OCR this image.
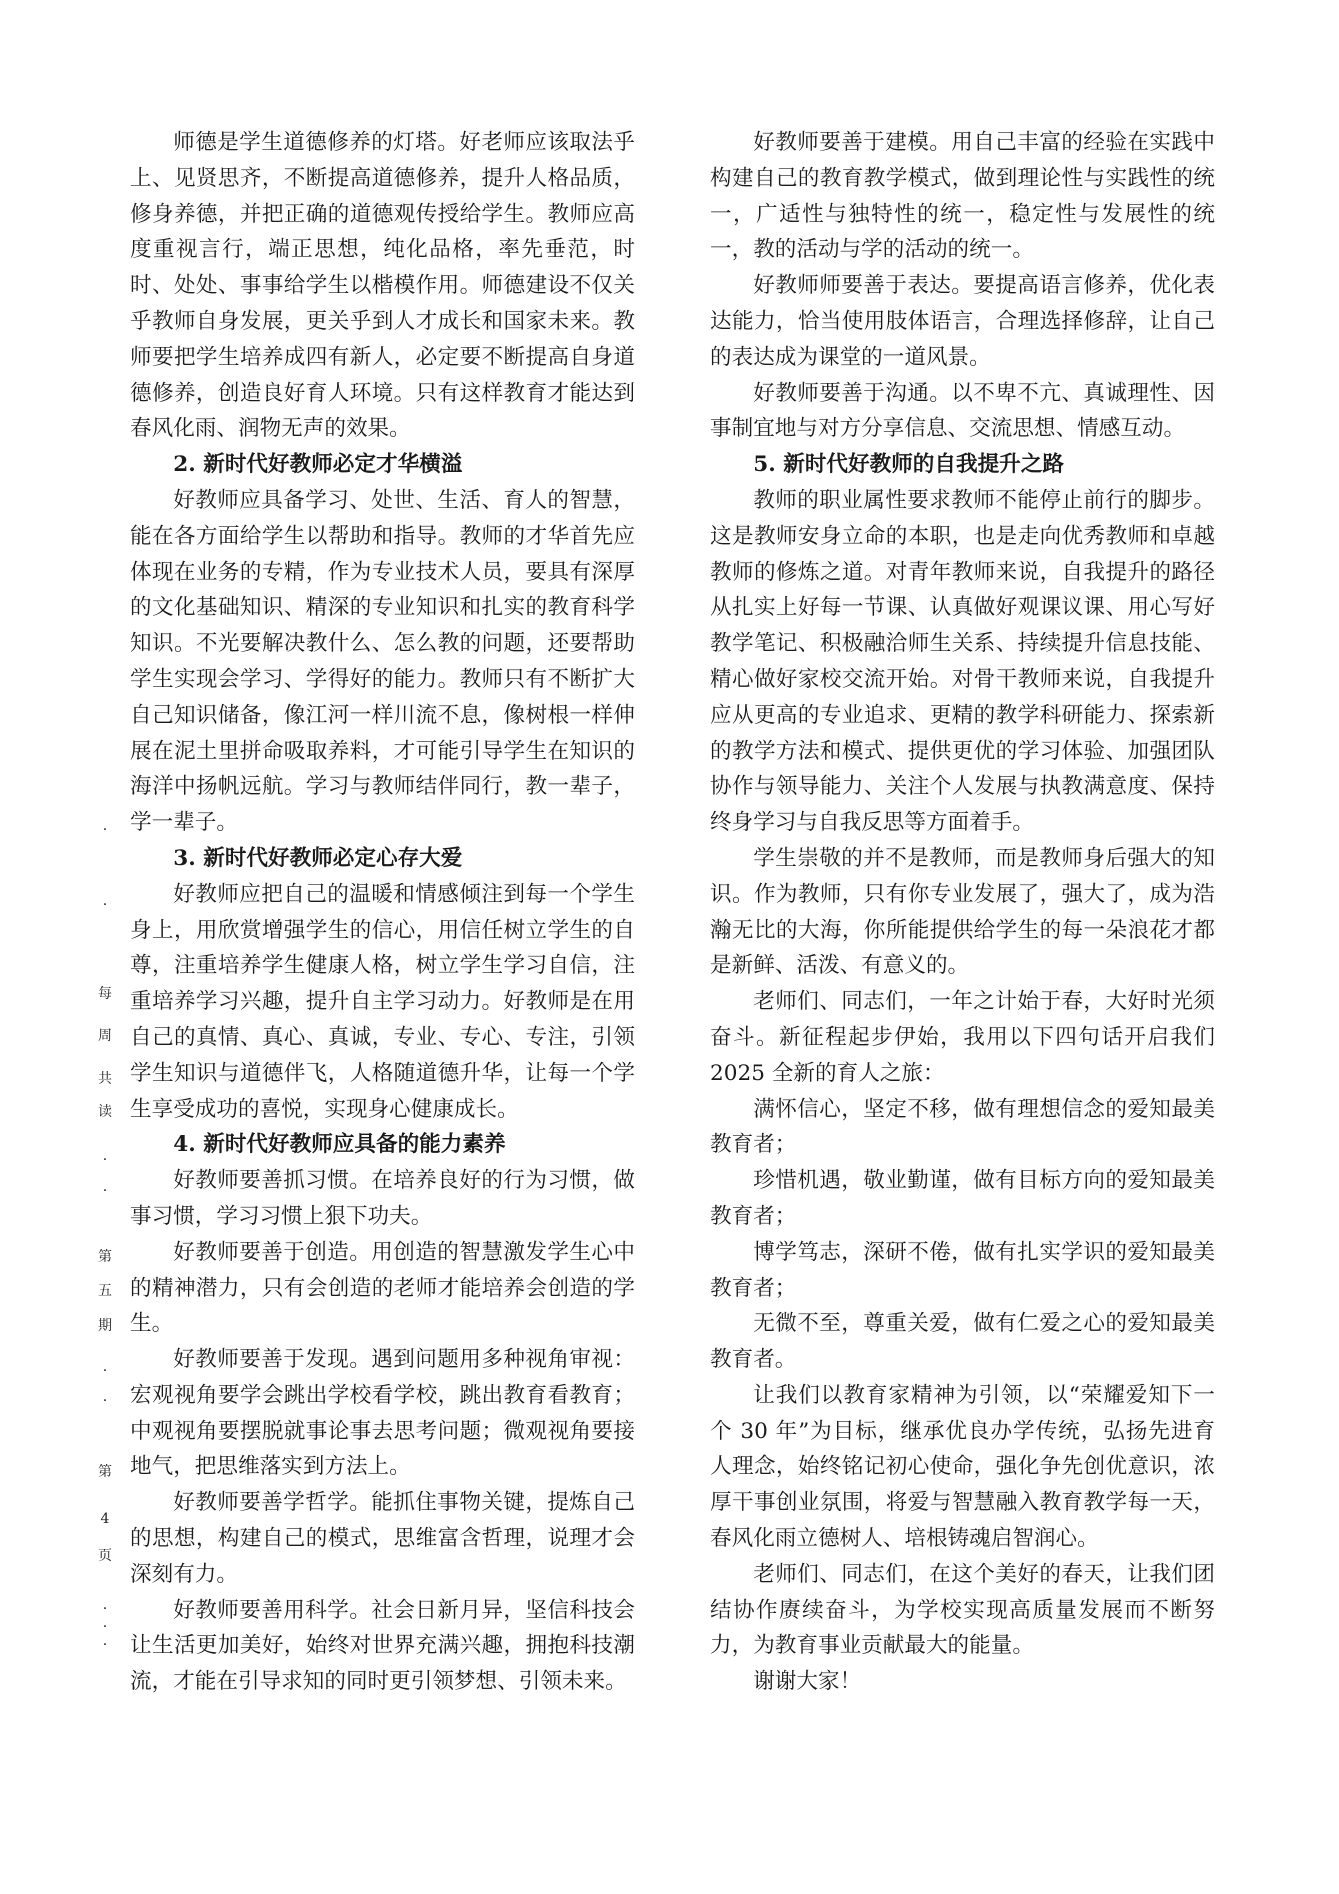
师德是学生道德修养的灯塔。好老师应该取法乎上、见贤思齐，不断提高道德修养，提升人格品质，修身养德，并把正确的道德观传授给学生。教师应高度重视言行，端正思想，纯化品格，率先垂范，时时、处处、事事给学生以楷模作用。师德建设不仅关乎教师自身发展，更关乎到人才成长和国家未来。教师要把学生培养成四有新人，必定要不断提高自身道德修养，创造良好育人环境。只有这样教育才能达到春风化雨、润物无声的效果。

2. 新时代好教师必定才华横溢

好教师应具备学习、处世、生活、育人的智慧，能在各方面给学生以帮助和指导。教师的才华首先应体现在业务的专精，作为专业技术人员，要具有深厚的文化基础知识、精深的专业知识和扎实的教育科学知识。不光要解决教什么、怎么教的问题，还要帮助学生实现会学习、学得好的能力。教师只有不断扩大自己知识储备，像江河一样川流不息，像树根一样伸展在泥土里拼命吸取养料，才可能引导学生在知识的海洋中扬帆远航。学习与教师结伴同行，教一辈子，学一辈子。

3. 新时代好教师必定心存大爱

好教师应把自己的温暖和情感倾注到每一个学生身上，用欣赏增强学生的信心，用信任树立学生的自尊，注重培养学生健康人格，树立学生学习自信，注重培养学习兴趣，提升自主学习动力。好教师是在用自己的真情、真心、真诚，专业、专心、专注，引领学生知识与道德伴飞，人格随道德升华，让每一个学生享受成功的喜悦，实现身心健康成长。

4. 新时代好教师应具备的能力素养

好教师要善抓习惯。在培养良好的行为习惯，做事习惯，学习习惯上狠下功夫。

好教师要善于创造。用创造的智慧激发学生心中的精神潜力，只有会创造的老师才能培养会创造的学生。

好教师要善于发现。遇到问题用多种视角审视：宏观视角要学会跳出学校看学校，跳出教育看教育；中观视角要摆脱就事论事去思考问题；微观视角要接地气，把思维落实到方法上。

好教师要善学哲学。能抓住事物关键，提炼自己的思想，构建自己的模式，思维富含哲理，说理才会深刻有力。

好教师要善用科学。社会日新月异，坚信科技会让生活更加美好，始终对世界充满兴趣，拥抱科技潮流，才能在引导求知的同时更引领梦想、引领未来。

好教师要善于建模。用自己丰富的经验在实践中构建自己的教育教学模式，做到理论性与实践性的统一，广适性与独特性的统一，稳定性与发展性的统一，教的活动与学的活动的统一。

好教师师要善于表达。要提高语言修养，优化表达能力，恰当使用肢体语言，合理选择修辞，让自己的表达成为课堂的一道风景。

好教师要善于沟通。以不卑不亢、真诚理性、因事制宜地与对方分享信息、交流思想、情感互动。

5. 新时代好教师的自我提升之路

教师的职业属性要求教师不能停止前行的脚步。这是教师安身立命的本职，也是走向优秀教师和卓越教师的修炼之道。对青年教师来说，自我提升的路径从扎实上好每一节课、认真做好观课议课、用心写好教学笔记、积极融洽师生关系、持续提升信息技能、精心做好家校交流开始。对骨干教师来说，自我提升应从更高的专业追求、更精的教学科研能力、探索新的教学方法和模式、提供更优的学习体验、加强团队协作与领导能力、关注个人发展与执教满意度、保持终身学习与自我反思等方面着手。

学生崇敬的并不是教师，而是教师身后强大的知识。作为教师，只有你专业发展了，强大了，成为浩瀚无比的大海，你所能提供给学生的每一朵浪花才都是新鲜、活泼、有意义的。

老师们、同志们，一年之计始于春，大好时光须奋斗。新征程起步伊始，我用以下四句话开启我们 2025 全新的育人之旅：

满怀信心，坚定不移，做有理想信念的爱知最美教育者；

珍惜机遇，敬业勤谨，做有目标方向的爱知最美教育者；

博学笃志，深研不倦，做有扎实学识的爱知最美教育者；

无微不至，尊重关爱，做有仁爱之心的爱知最美教育者。

让我们以教育家精神为引领，以“荣耀爱知下一个 30 年”为目标，继承优良办学传统，弘扬先进育人理念，始终铭记初心使命，强化争先创优意识，浓厚干事创业氛围，将爱与智慧融入教育教学每一天，春风化雨立德树人、培根铸魂启智润心。

老师们、同志们，在这个美好的春天，让我们团结协作赓续奋斗，为学校实现高质量发展而不断努力，为教育事业贡献最大的能量。

谢谢大家！

·
·
每
周
共
读
·
·
第
五
期
·
·
第
4
页
·
·
·
